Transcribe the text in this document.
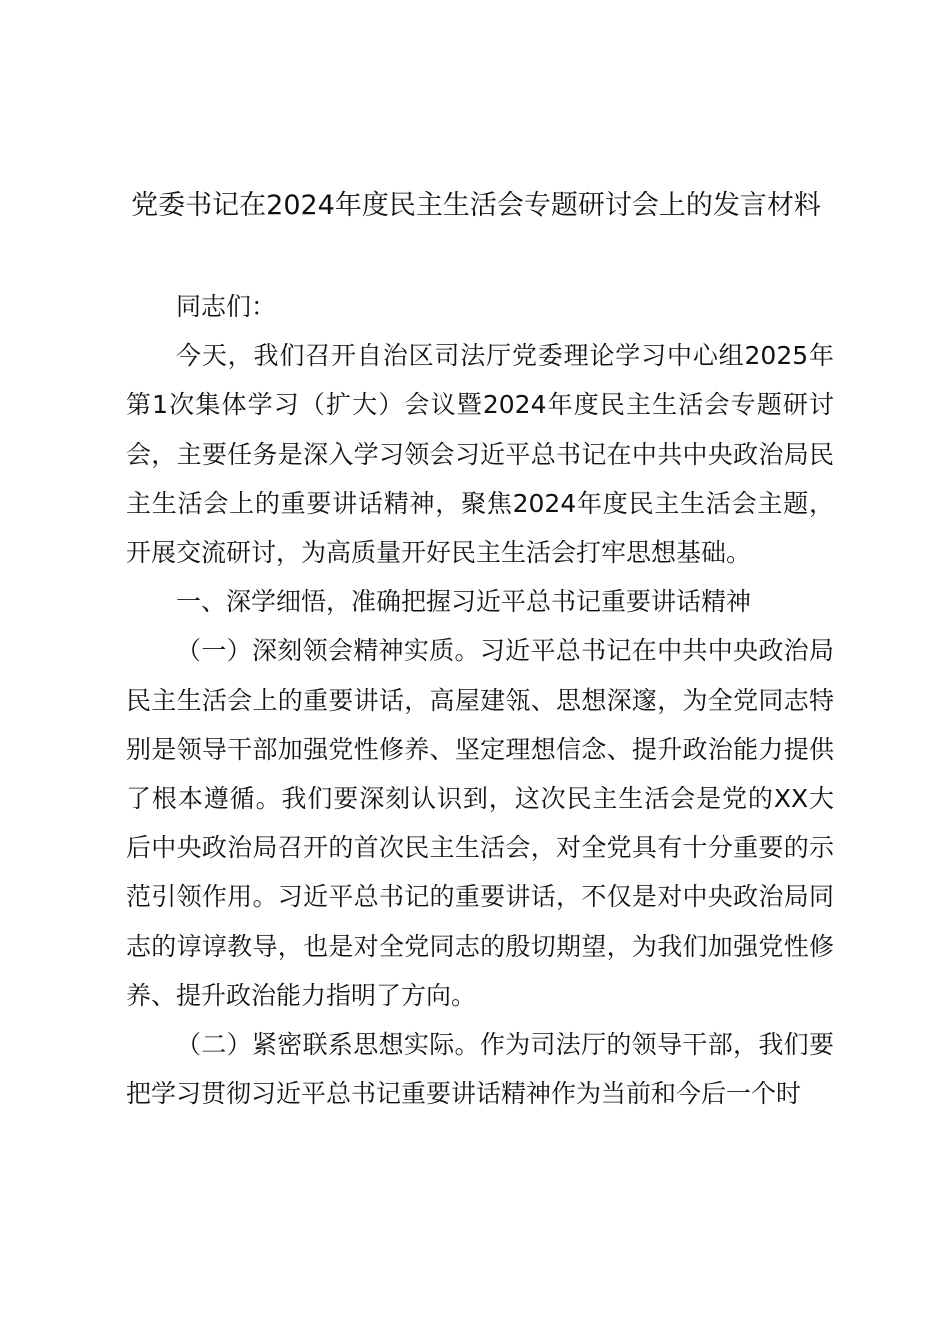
党委书记在2024年度民主生活会专题研讨会上的发言材料

同志们：

今天，我们召开自治区司法厅党委理论学习中心组2025年第1次集体学习（扩大）会议暨2024年度民主生活会专题研讨会，主要任务是深入学习领会习近平总书记在中共中央政治局民主生活会上的重要讲话精神，聚焦2024年度民主生活会主题，开展交流研讨，为高质量开好民主生活会打牢思想基础。

一、深学细悟，准确把握习近平总书记重要讲话精神

（一）深刻领会精神实质。习近平总书记在中共中央政治局民主生活会上的重要讲话，高屋建瓴、思想深邃，为全党同志特别是领导干部加强党性修养、坚定理想信念、提升政治能力提供了根本遵循。我们要深刻认识到，这次民主生活会是党的XX大后中央政治局召开的首次民主生活会，对全党具有十分重要的示范引领作用。习近平总书记的重要讲话，不仅是对中央政治局同志的谆谆教导，也是对全党同志的殷切期望，为我们加强党性修养、提升政治能力指明了方向。

（二）紧密联系思想实际。作为司法厅的领导干部，我们要把学习贯彻习近平总书记重要讲话精神作为当前和今后一个时
